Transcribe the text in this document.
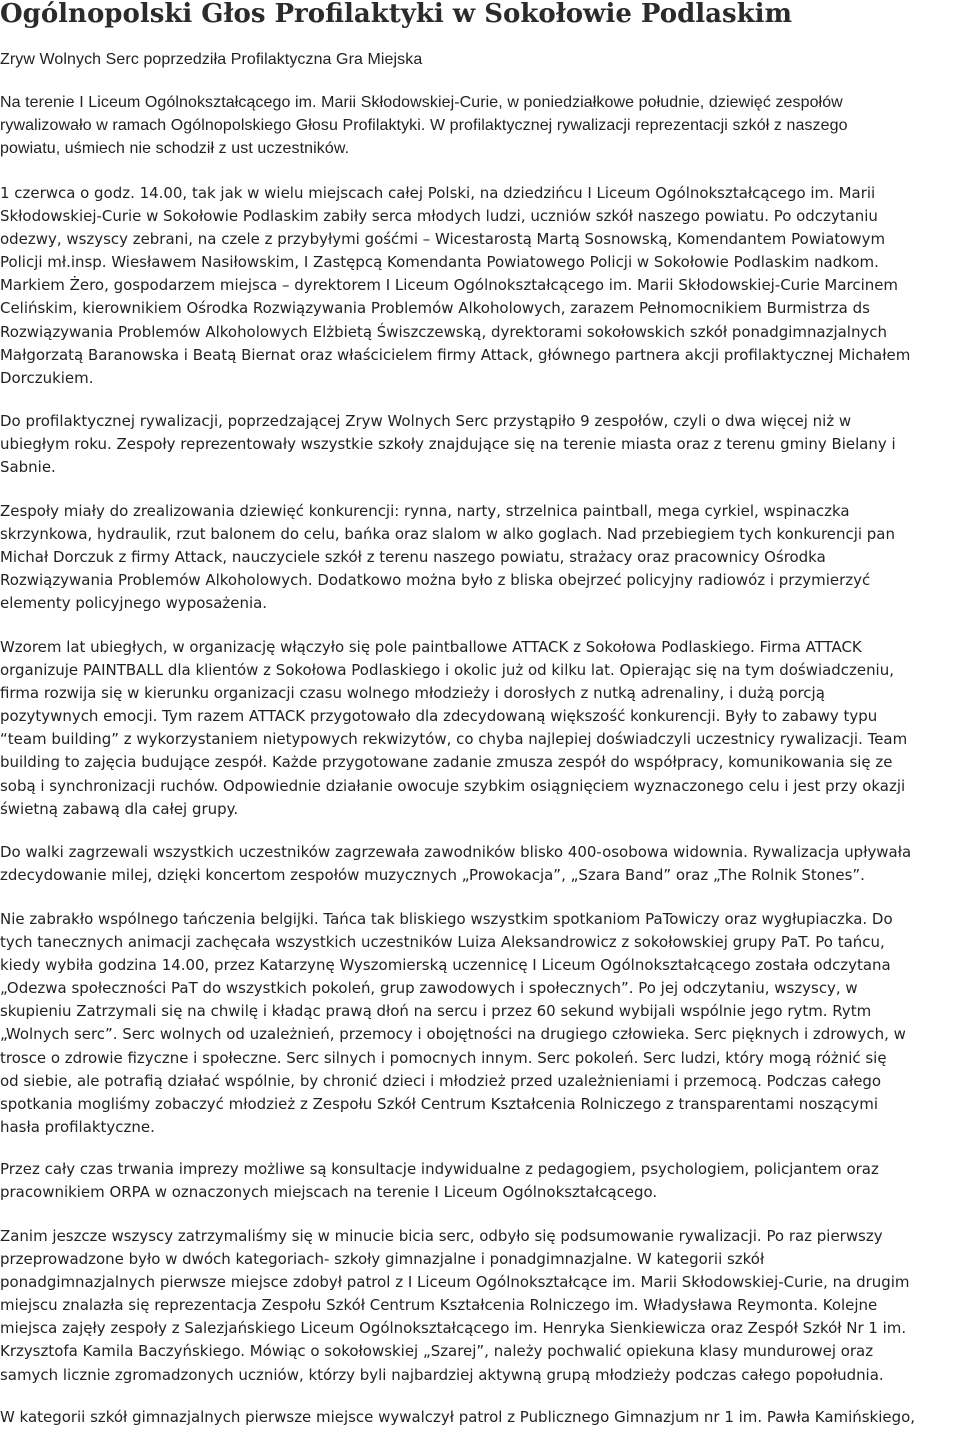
Ogólnopolski Głos Profilaktyki w Sokołowie Podlaskim

Zryw Wolnych Serc poprzedziła Profilaktyczna Gra Miejska

Na terenie I Liceum Ogólnokształcącego im. Marii Skłodowskiej-Curie, w poniedziałkowe południe, dziewięć zespołów
rywalizowało w ramach Ogólnopolskiego Głosu Profilaktyki. W profilaktycznej rywalizacji reprezentacji szkół z naszego
powiatu, uśmiech nie schodził z ust uczestników.

1 czerwca o godz. 14.00, tak jak w wielu miejscach całej Polski, na dziedzińcu I Liceum Ogólnokształcącego im. Marii
Skłodowskiej-Curie w Sokołowie Podlaskim zabiły serca młodych ludzi, uczniów szkół naszego powiatu. Po odczytaniu
odezwy, wszyscy zebrani, na czele z przybyłymi gośćmi – Wicestarostą Martą Sosnowską, Komendantem Powiatowym
Policji mł.insp. Wiesławem Nasiłowskim, I Zastępcą Komendanta Powiatowego Policji w Sokołowie Podlaskim nadkom.
Markiem Żero, gospodarzem miejsca – dyrektorem I Liceum Ogólnokształcącego im. Marii Skłodowskiej-Curie Marcinem
Celińskim, kierownikiem Ośrodka Rozwiązywania Problemów Alkoholowych, zarazem Pełnomocnikiem Burmistrza ds
Rozwiązywania Problemów Alkoholowych Elżbietą Świszczewską, dyrektorami sokołowskich szkół ponadgimnazjalnych
Małgorzatą Baranowska i Beatą Biernat oraz właścicielem firmy Attack, głównego partnera akcji profilaktycznej Michałem
Dorczukiem.

Do profilaktycznej rywalizacji, poprzedzającej Zryw Wolnych Serc przystąpiło 9 zespołów, czyli o dwa więcej niż w
ubiegłym roku. Zespoły reprezentowały wszystkie szkoły znajdujące się na terenie miasta oraz z terenu gminy Bielany i
Sabnie.

Zespoły miały do zrealizowania dziewięć konkurencji: rynna, narty, strzelnica paintball, mega cyrkiel, wspinaczka
skrzynkowa, hydraulik, rzut balonem do celu, bańka oraz slalom w alko goglach. Nad przebiegiem tych konkurencji pan
Michał Dorczuk z firmy Attack, nauczyciele szkół z terenu naszego powiatu, strażacy oraz pracownicy Ośrodka
Rozwiązywania Problemów Alkoholowych. Dodatkowo można było z bliska obejrzeć policyjny radiowóz i przymierzyć
elementy policyjnego wyposażenia.

Wzorem lat ubiegłych, w organizację włączyło się pole paintballowe ATTACK z Sokołowa Podlaskiego. Firma ATTACK
organizuje PAINTBALL dla klientów z Sokołowa Podlaskiego i okolic już od kilku lat. Opierając się na tym doświadczeniu,
firma rozwija się w kierunku organizacji czasu wolnego młodzieży i dorosłych z nutką adrenaliny, i dużą porcją
pozytywnych emocji. Tym razem ATTACK przygotowało dla zdecydowaną większość konkurencji. Były to zabawy typu
“team building” z wykorzystaniem nietypowych rekwizytów, co chyba najlepiej doświadczyli uczestnicy rywalizacji. Team
building to zajęcia budujące zespół. Każde przygotowane zadanie zmusza zespół do współpracy, komunikowania się ze
sobą i synchronizacji ruchów. Odpowiednie działanie owocuje szybkim osiągnięciem wyznaczonego celu i jest przy okazji
świetną zabawą dla całej grupy.

Do walki zagrzewali wszystkich uczestników zagrzewała zawodników blisko 400-osobowa widownia. Rywalizacja upływała
zdecydowanie milej, dzięki koncertom zespołów muzycznych „Prowokacja”, „Szara Band” oraz „The Rolnik Stones”.

Nie zabrakło wspólnego tańczenia belgijki. Tańca tak bliskiego wszystkim spotkaniom PaTowiczy oraz wygłupiaczka. Do
tych tanecznych animacji zachęcała wszystkich uczestników Luiza Aleksandrowicz z sokołowskiej grupy PaT. Po tańcu,
kiedy wybiła godzina 14.00, przez Katarzynę Wyszomierską uczennicę I Liceum Ogólnokształcącego została odczytana
„Odezwa społeczności PaT do wszystkich pokoleń, grup zawodowych i społecznych”. Po jej odczytaniu, wszyscy, w
skupieniu Zatrzymali się na chwilę i kładąc prawą dłoń na sercu i przez 60 sekund wybijali wspólnie jego rytm. Rytm
„Wolnych serc”. Serc wolnych od uzależnień, przemocy i obojętności na drugiego człowieka. Serc pięknych i zdrowych, w
trosce o zdrowie fizyczne i społeczne. Serc silnych i pomocnych innym. Serc pokoleń. Serc ludzi, który mogą różnić się
od siebie, ale potrafią działać wspólnie, by chronić dzieci i młodzież przed uzależnieniami i przemocą. Podczas całego
spotkania mogliśmy zobaczyć młodzież z Zespołu Szkół Centrum Kształcenia Rolniczego z transparentami noszącymi
hasła profilaktyczne.

Przez cały czas trwania imprezy możliwe są konsultacje indywidualne z pedagogiem, psychologiem, policjantem oraz
pracownikiem ORPA w oznaczonych miejscach na terenie I Liceum Ogólnokształcącego.

Zanim jeszcze wszyscy zatrzymaliśmy się w minucie bicia serc, odbyło się podsumowanie rywalizacji. Po raz pierwszy
przeprowadzone było w dwóch kategoriach- szkoły gimnazjalne i ponadgimnazjalne. W kategorii szkół
ponadgimnazjalnych pierwsze miejsce zdobył patrol z I Liceum Ogólnokształcące im. Marii Skłodowskiej-Curie, na drugim
miejscu znalazła się reprezentacja Zespołu Szkół Centrum Kształcenia Rolniczego im. Władysława Reymonta. Kolejne
miejsca zajęły zespoły z Salezjańskiego Liceum Ogólnokształcącego im. Henryka Sienkiewicza oraz Zespół Szkół Nr 1 im.
Krzysztofa Kamila Baczyńskiego. Mówiąc o sokołowskiej „Szarej”, należy pochwalić opiekuna klasy mundurowej oraz
samych licznie zgromadzonych uczniów, którzy byli najbardziej aktywną grupą młodzieży podczas całego popołudnia.

W kategorii szkół gimnazjalnych pierwsze miejsce wywalczył patrol z Publicznego Gimnazjum nr 1 im. Pawła Kamińskiego,
